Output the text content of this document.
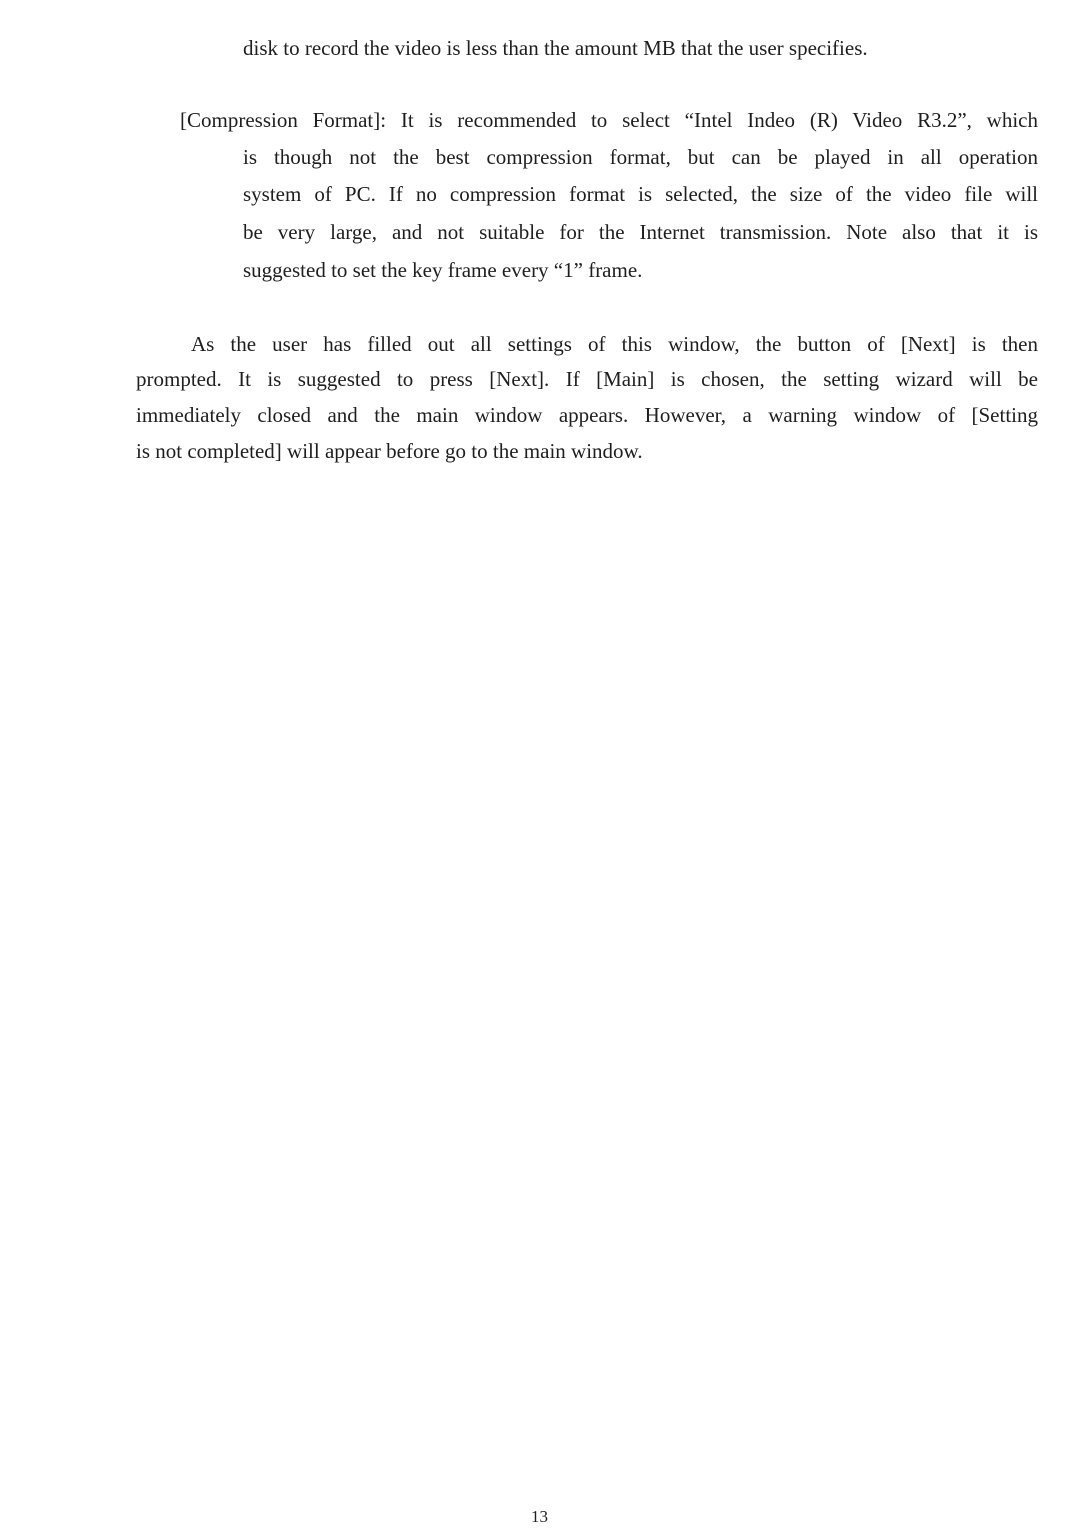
disk to record the video is less than the amount MB that the user specifies.
[Compression Format]: It is recommended to select “Intel Indeo (R) Video R3.2”, which
is though not the best compression format, but can be played in all operation
system of PC. If no compression format is selected, the size of the video file will
be very large, and not suitable for the Internet transmission. Note also that it is
suggested to set the key frame every “1” frame.
As the user has filled out all settings of this window, the button of [Next] is then
prompted. It is suggested to press [Next]. If [Main] is chosen, the setting wizard will be
immediately closed and the main window appears. However, a warning window of [Setting
is not completed] will appear before go to the main window.
13
